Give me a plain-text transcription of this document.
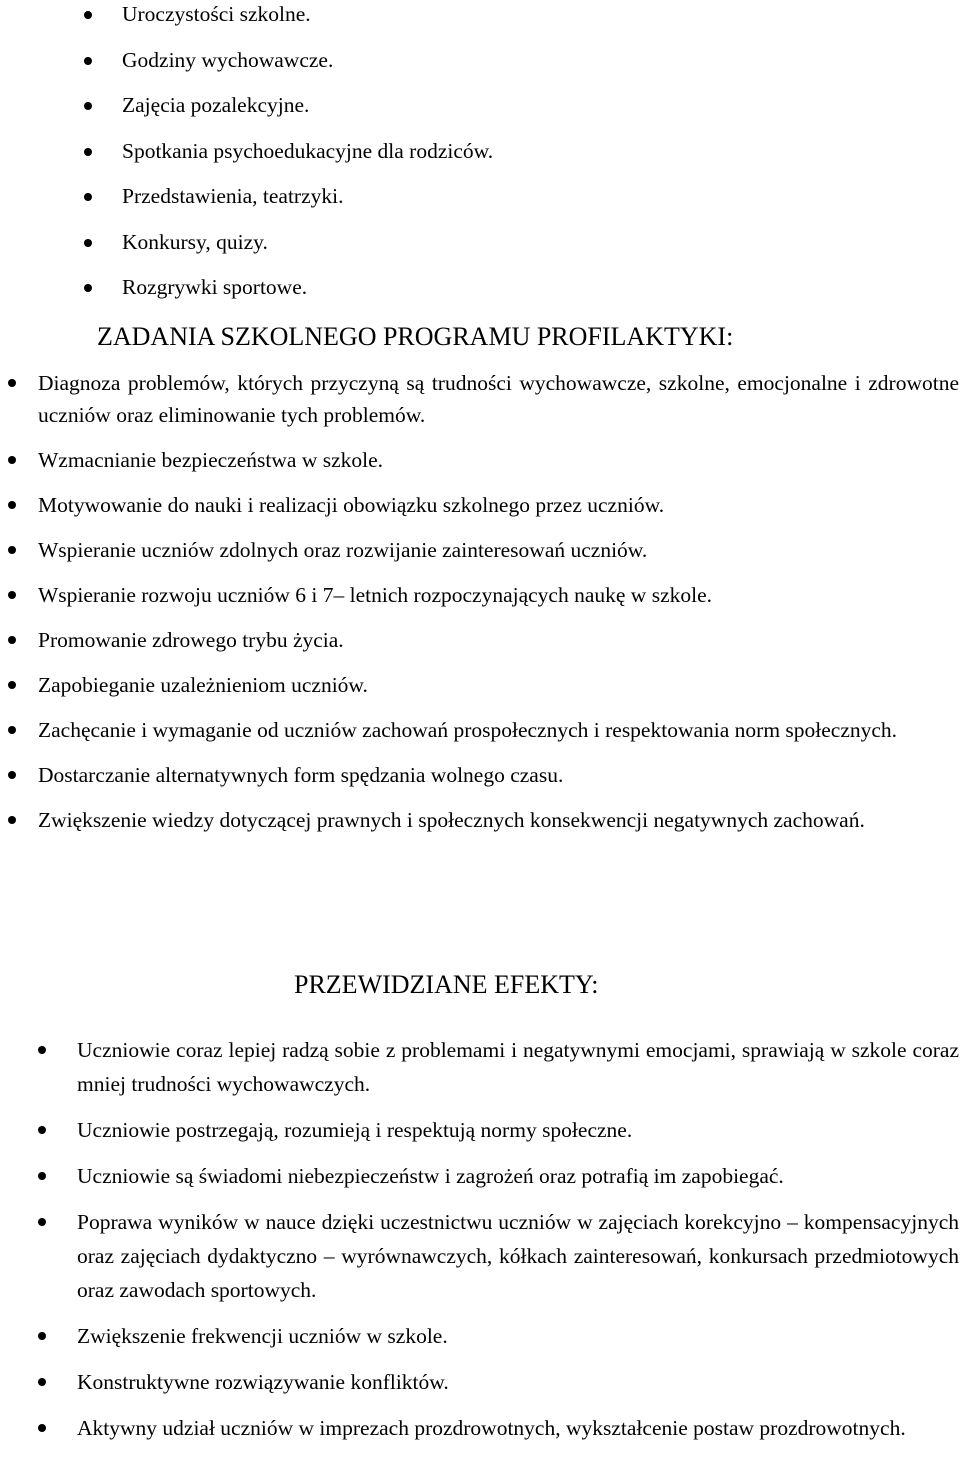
Uroczystości szkolne.
Godziny wychowawcze.
Zajęcia pozalekcyjne.
Spotkania psychoedukacyjne dla rodziców.
Przedstawienia, teatrzyki.
Konkursy, quizy.
Rozgrywki sportowe.
ZADANIA SZKOLNEGO PROGRAMU PROFILAKTYKI:
Diagnoza problemów, których przyczyną są trudności wychowawcze, szkolne, emocjonalne i zdrowotne uczniów oraz eliminowanie tych problemów.
Wzmacnianie bezpieczeństwa w szkole.
Motywowanie do nauki i realizacji obowiązku szkolnego przez uczniów.
Wspieranie uczniów zdolnych oraz rozwijanie zainteresowań uczniów.
Wspieranie rozwoju uczniów 6 i 7– letnich rozpoczynających naukę w szkole.
Promowanie zdrowego trybu życia.
Zapobieganie uzależnieniom uczniów.
Zachęcanie i wymaganie od uczniów zachowań prospołecznych i respektowania norm społecznych.
Dostarczanie alternatywnych form spędzania wolnego czasu.
Zwiększenie wiedzy dotyczącej prawnych i społecznych konsekwencji negatywnych zachowań.
PRZEWIDZIANE EFEKTY:
Uczniowie coraz lepiej radzą sobie z problemami i negatywnymi emocjami, sprawiają w szkole coraz mniej trudności wychowawczych.
Uczniowie postrzegają, rozumieją i respektują normy społeczne.
Uczniowie są świadomi niebezpieczeństw i zagrożeń oraz potrafią im zapobiegać.
Poprawa wyników w nauce dzięki uczestnictwu uczniów w zajęciach korekcyjno – kompensacyjnych oraz zajęciach dydaktyczno – wyrównawczych, kółkach zainteresowań, konkursach przedmiotowych oraz zawodach sportowych.
Zwiększenie frekwencji uczniów w szkole.
Konstruktywne rozwiązywanie konfliktów.
Aktywny udział uczniów w imprezach prozdrowotnych, wykształcenie postaw prozdrowotnych.
